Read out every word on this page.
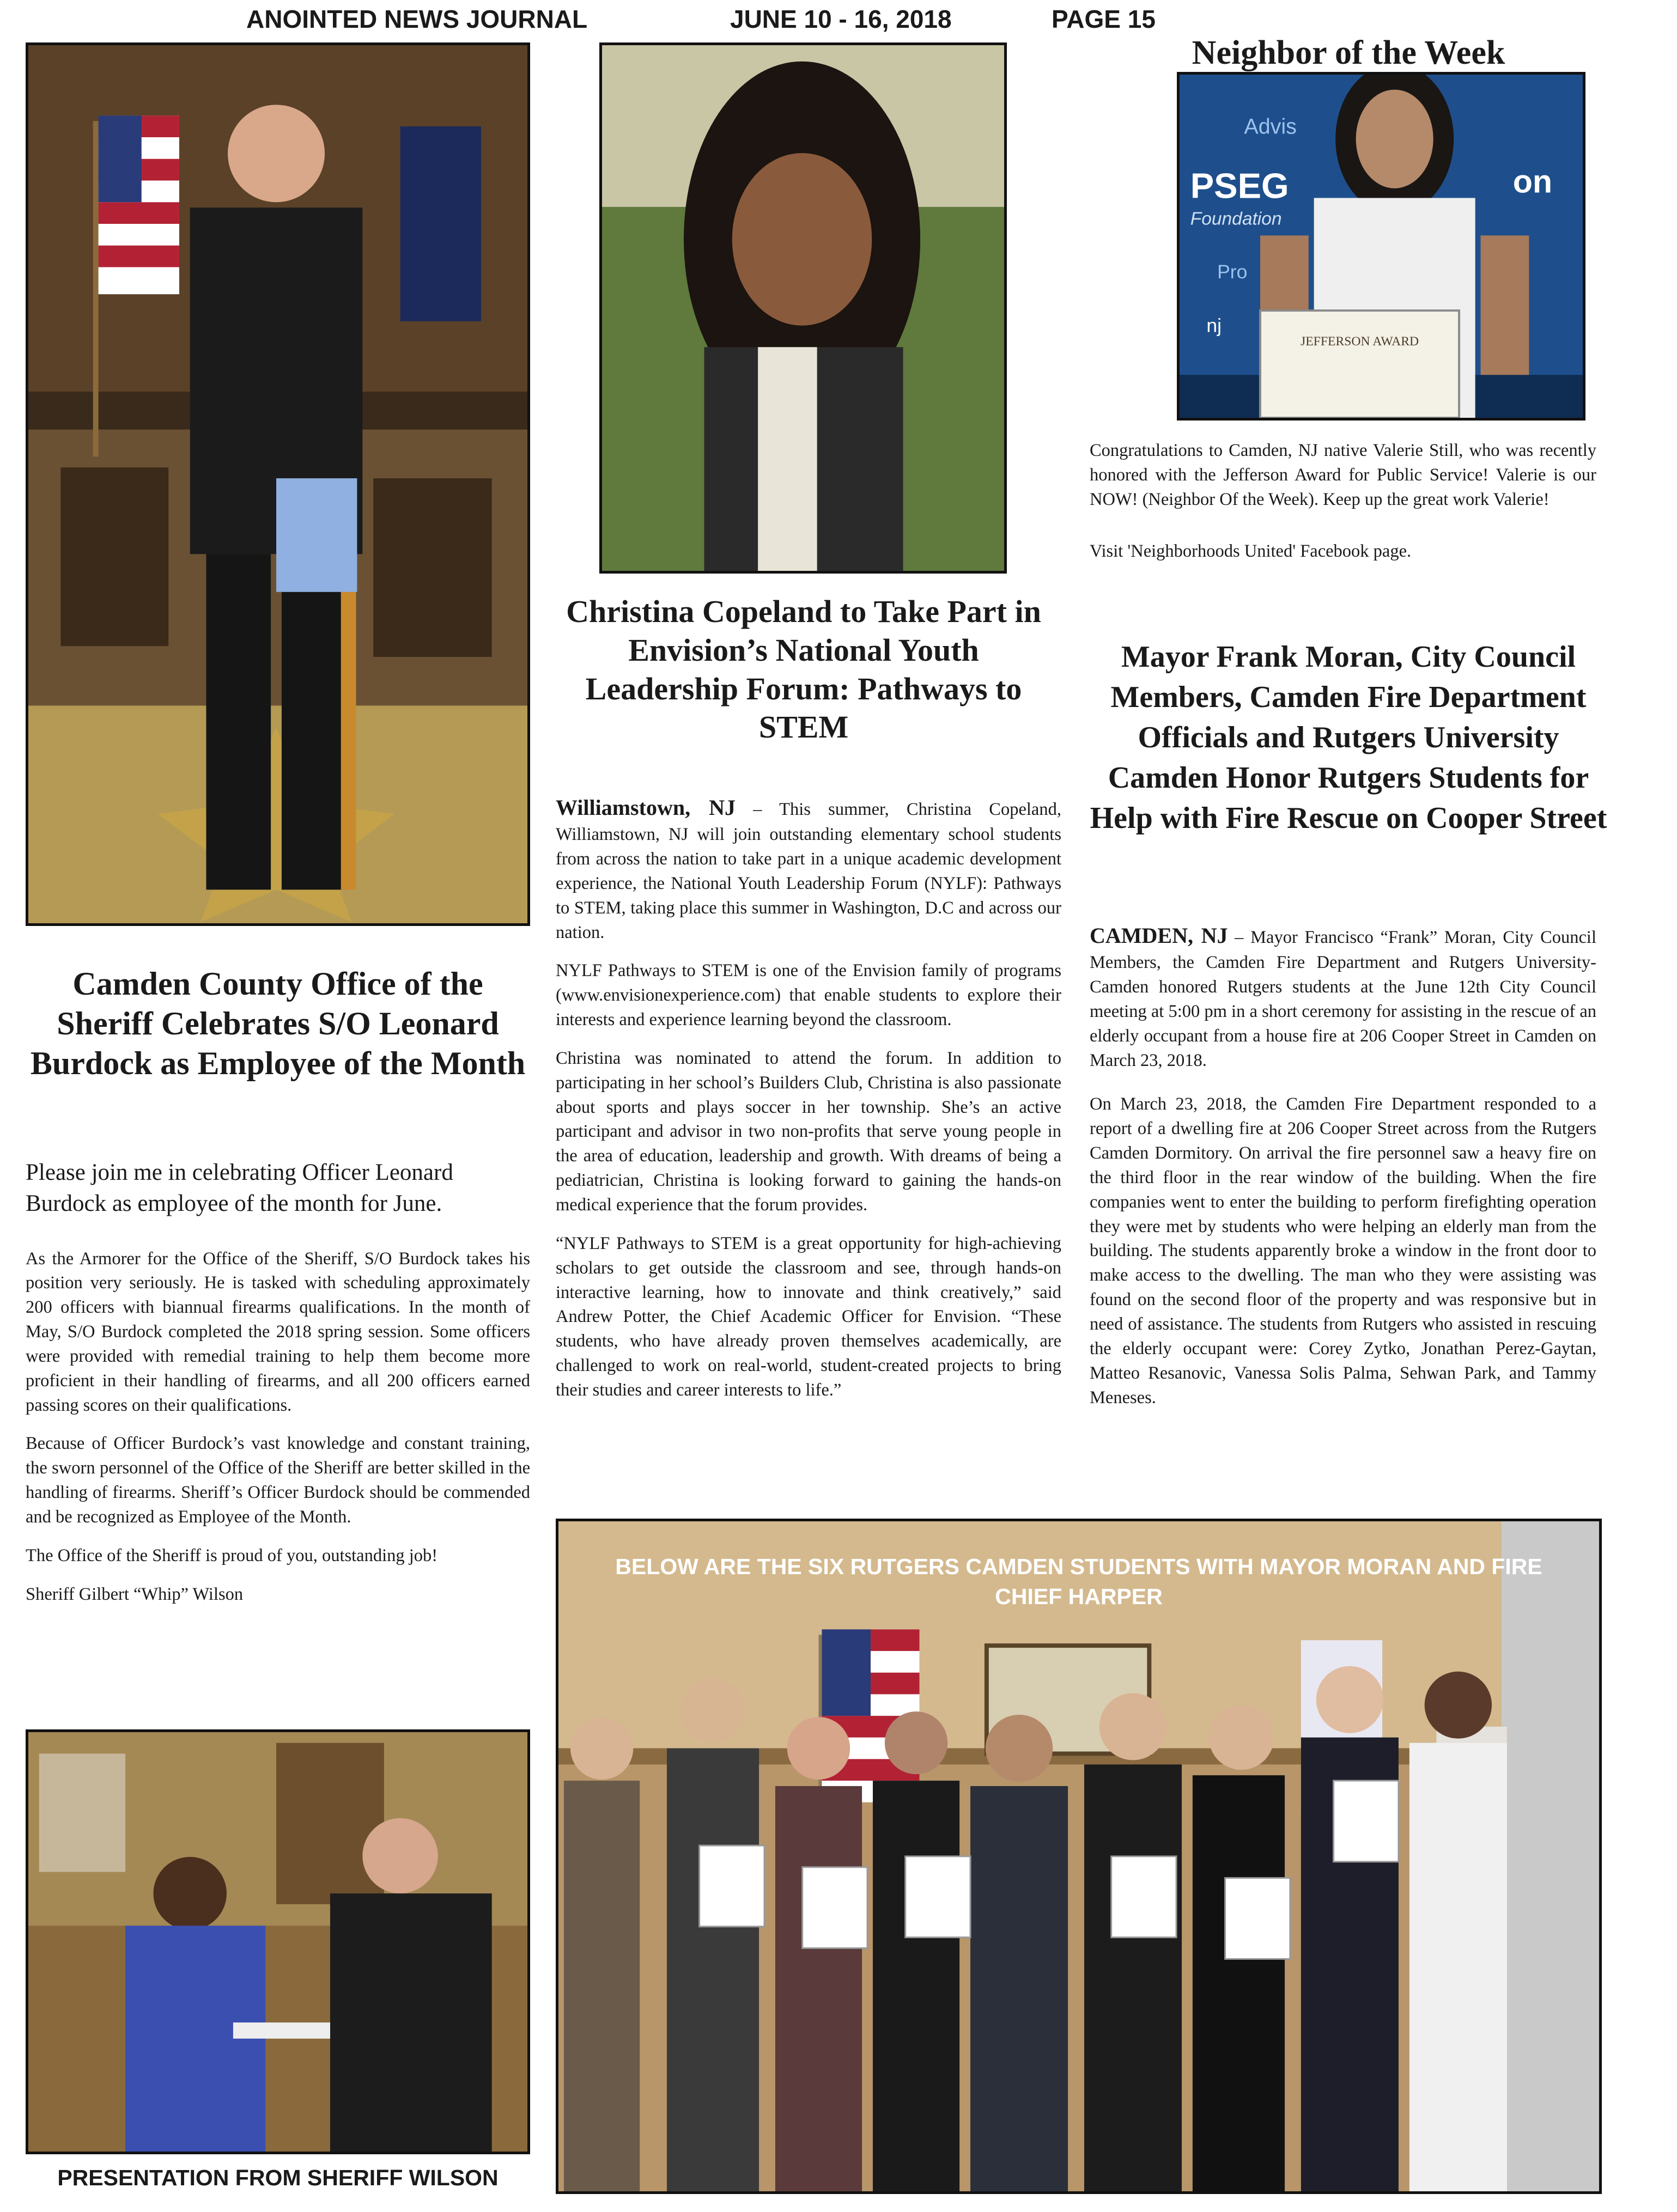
ANOINTED NEWS JOURNAL	JUNE 10 - 16, 2018	PAGE 15
Camden County Office of the Sheriff Celebrates S/O Leonard Burdock as Employee of the Month

Please join me in celebrating Officer Leonard Burdock as employee of the month for June.

As the Armorer for the Office of the Sheriff, S/O Burdock takes his position very seriously. He is tasked with scheduling approximately 200 officers with biannual firearms qualifications. In the month of May, S/O Burdock completed the 2018 spring session. Some officers were provided with remedial training to help them become more proficient in their handling of firearms, and all 200 officers earned passing scores on their qualifications.

Because of Officer Burdock’s vast knowledge and constant training, the sworn personnel of the Office of the Sheriff are better skilled in the handling of firearms. Sheriff’s Officer Burdock should be commended and be recognized as Employee of the Month.

The Office of the Sheriff is proud of you, outstanding job!

Sheriff Gilbert “Whip” Wilson

PRESENTATION FROM SHERIFF WILSON
Christina Copeland to Take Part in Envision’s National Youth Leadership Forum: Pathways to STEM

Williamstown, NJ – This summer, Christina Copeland, Williamstown, NJ will join outstanding elementary school students from across the nation to take part in a unique academic development experience, the National Youth Leadership Forum (NYLF): Pathways to STEM, taking place this summer in Washington, D.C and across our nation.

NYLF Pathways to STEM is one of the Envision family of programs (www.envisionexperience.com) that enable students to explore their interests and experience learning beyond the classroom.

Christina was nominated to attend the forum. In addition to participating in her school’s Builders Club, Christina is also passionate about sports and plays soccer in her township. She’s an active participant and advisor in two non-profits that serve young people in the area of education, leadership and growth. With dreams of being a pediatrician, Christina is looking forward to gaining the hands-on medical experience that the forum provides.

“NYLF Pathways to STEM is a great opportunity for high-achieving scholars to get outside the classroom and see, through hands-on interactive learning, how to innovate and think creatively,” said Andrew Potter, the Chief Academic Officer for Envision. “These students, who have already proven themselves academically, are challenged to work on real-world, student-created projects to bring their studies and career interests to life.”

Neighbor of the Week
Advis
PSEG
Foundation
on
Pro
nj
JEFFERSON AWARD

Congratulations to Camden, NJ native Valerie Still, who was recently honored with the Jefferson Award for Public Service! Valerie is our NOW! (Neighbor Of the Week). Keep up the great work Valerie!

Visit 'Neighborhoods United' Facebook page.

Mayor Frank Moran, City Council Members, Camden Fire Department Officials and Rutgers University Camden Honor Rutgers Students for Help with Fire Rescue on Cooper Street

CAMDEN, NJ – Mayor Francisco “Frank” Moran, City Council Members, the Camden Fire Department and Rutgers University-Camden honored Rutgers students at the June 12th City Council meeting at 5:00 pm in a short ceremony for assisting in the rescue of an elderly occupant from a house fire at 206 Cooper Street in Camden on March 23, 2018.

On March 23, 2018, the Camden Fire Department responded to a report of a dwelling fire at 206 Cooper Street across from the Rutgers Camden Dormitory. On arrival the fire personnel saw a heavy fire on the third floor in the rear window of the building. When the fire companies went to enter the building to perform firefighting operation they were met by students who were helping an elderly man from the building. The students apparently broke a window in the front door to make access to the dwelling. The man who they were assisting was found on the second floor of the property and was responsive but in need of assistance. The students from Rutgers who assisted in rescuing the elderly occupant were: Corey Zytko, Jonathan Perez-Gaytan, Matteo Resanovic, Vanessa Solis Palma, Sehwan Park, and Tammy Meneses.

BELOW ARE THE SIX RUTGERS CAMDEN STUDENTS WITH MAYOR MORAN AND FIRE CHIEF HARPER
